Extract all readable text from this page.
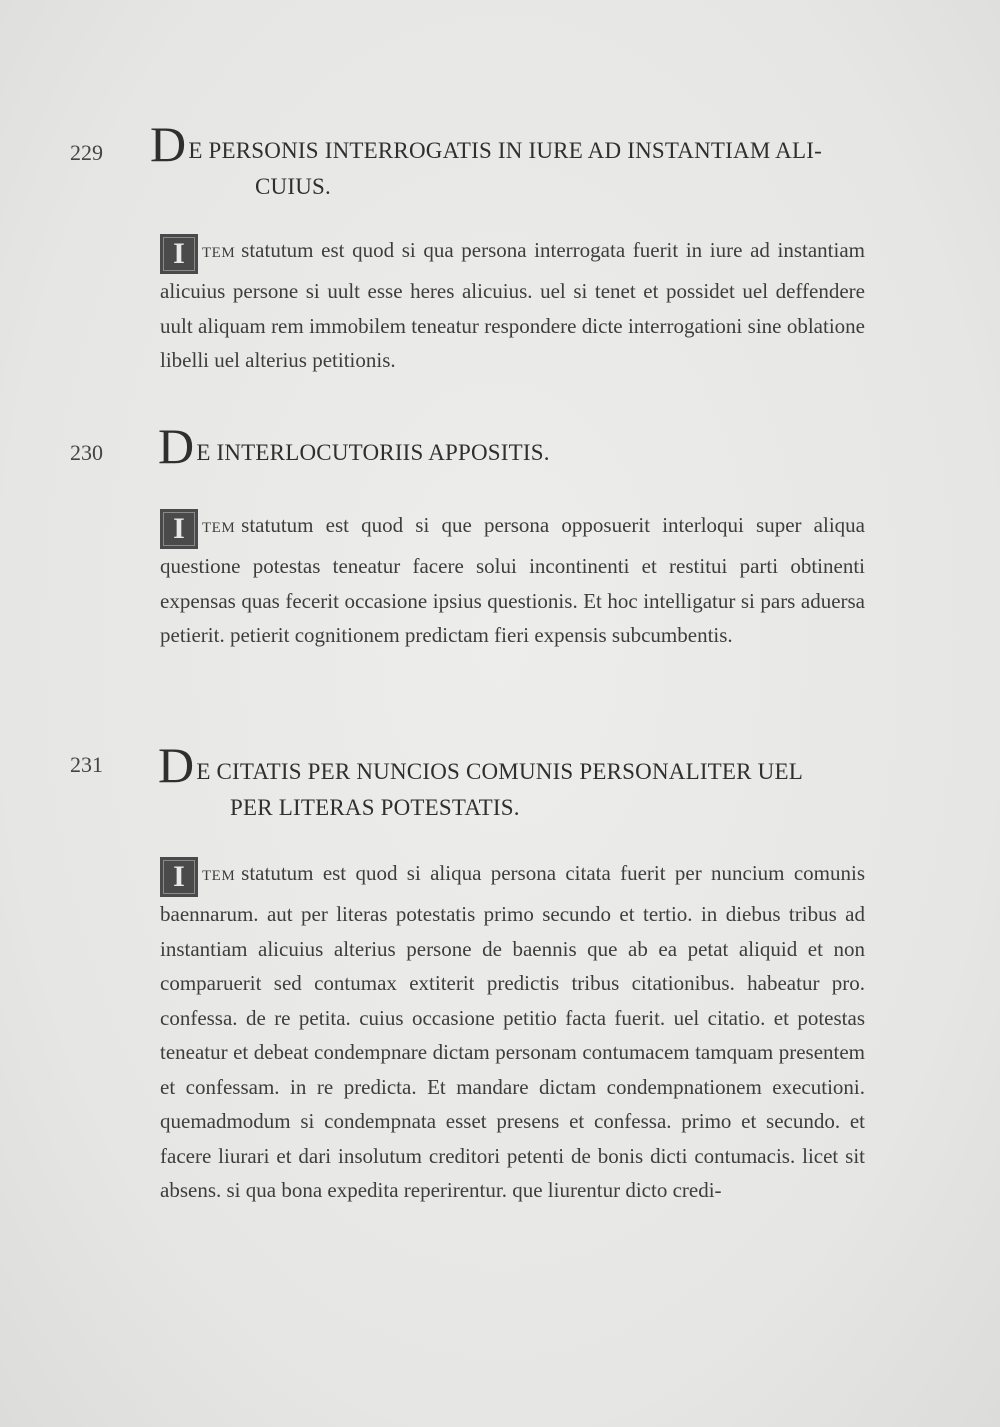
229 DE PERSONIS INTERROGATIS IN IURE AD INSTANTIAM ALI-
CUIUS.
I TEM statutum est quod si qua persona interrogata fuerit in iure ad instantiam alicuius persone si uult esse heres alicuius. uel si tenet et possidet uel deffendere uult aliquam rem immobilem teneatur respondere dicte interrogationi sine oblatione libelli uel alterius petitionis.
230 DE INTERLOCUTORIIS APPOSITIS.
I TEM statutum est quod si que persona opposuerit interloqui super aliqua questione potestas teneatur facere solui incontinenti et restitui parti obtinenti expensas quas fecerit occasione ipsius questionis. Et hoc intelligatur si pars aduersa petierit. petierit cognitionem predictam fieri expensis subcumbentis.
231 DE CITATIS PER NUNCIOS COMUNIS PERSONALITER UEL
PER LITERAS POTESTATIS.
I TEM statutum est quod si aliqua persona citata fuerit per nuncium comunis baennarum. aut per literas potestatis primo secundo et tertio. in diebus tribus ad instantiam alicuius alterius persone de baennis que ab ea petat aliquid et non comparuerit sed contumax extiterit predictis tribus citationibus. habeatur pro. confessa. de re petita. cuius occasione petitio facta fuerit. uel citatio. et potestas teneatur et debeat condempnare dictam personam contumacem tamquam presentem et confessam. in re predicta. Et mandare dictam condempnationem executioni. quemadmodum si condempnata esset presens et confessa. primo et secundo. et facere liurari et dari insolutum creditori petenti de bonis dicti contumacis. licet sit absens. si qua bona expedita reperirentur. que liurentur dicto credi-
